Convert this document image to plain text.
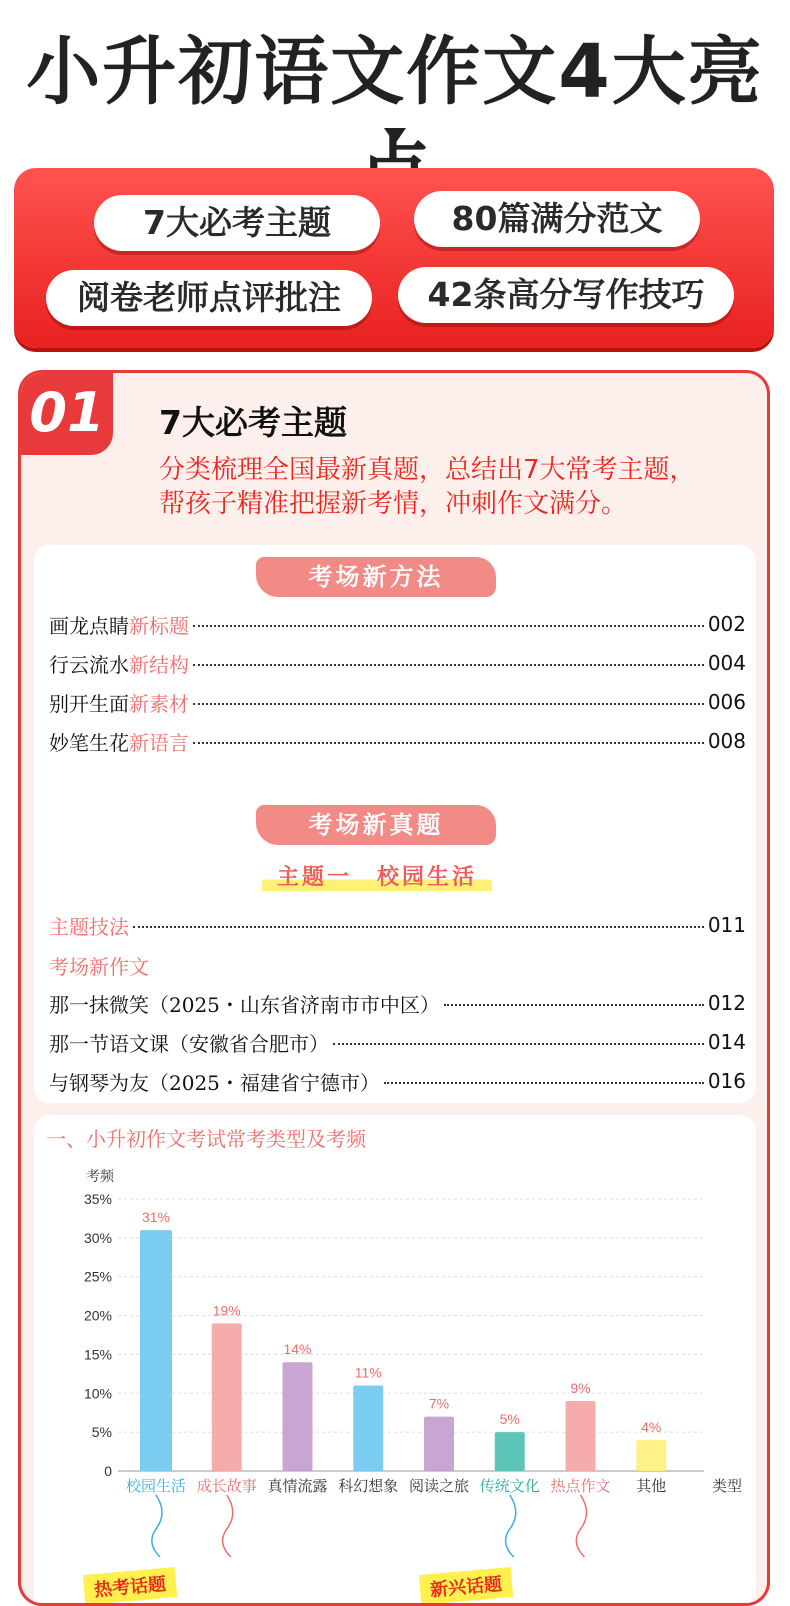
小升初语文作文4大亮
7大必考主题	80篇满分范文
阅卷老师点评批注	42条高分写作技巧
01 7大必考主题
分类梳理全国最新真题，总结出7大常考主题，
帮孩子精准把握新考情，冲刺作文满分。
考场新方法
画龙点睛 新标题	002
行云流水 新结构	004
别开生面 新素材	006
妙笔生花 新语言	008
考场新真题
主题一　校园生活
主题技法	011
考场新作文
那一抹微笑（2025・山东省济南市市中区）	012
那一节语文课（安徽省合肥市）	014
与钢琴为友（2025・福建省宁德市）	016
一、小升初作文考试常考类型及考频
0
5%
10%
15%
20%
25%
30%
35%
考频
类型
31%
校园生活
19%
成长故事
14%
真情流露
11%
科幻想象
7%
阅读之旅
5%
传统文化
9%
热点作文
4%
其他
热考话题	新兴话题
